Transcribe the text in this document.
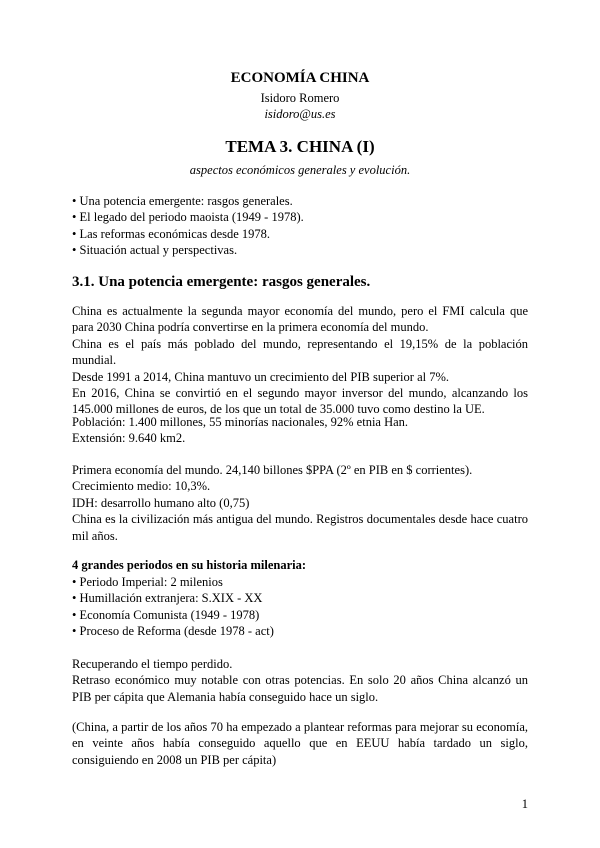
ECONOMÍA CHINA
Isidoro Romero
isidoro@us.es
TEMA 3. CHINA (I)
aspectos económicos generales y evolución.

• Una potencia emergente: rasgos generales.

• El legado del periodo maoista (1949 - 1978).

• Las reformas económicas desde 1978.

• Situación actual y perspectivas.

3.1. Una potencia emergente: rasgos generales.

China es actualmente la segunda mayor economía del mundo, pero el FMI calcula que para 2030 China podría convertirse en la primera economía del mundo.

China es el país más poblado del mundo, representando el 19,15% de la población mundial.

Desde 1991 a 2014, China mantuvo un crecimiento del PIB superior al 7%.

En 2016, China se convirtió en el segundo mayor inversor del mundo, alcanzando los 145.000 millones de euros, de los que un total de 35.000 tuvo como destino la UE.

Población: 1.400 millones, 55 minorías nacionales, 92% etnia Han.

Extensión: 9.640 km2.

Primera economía del mundo. 24,140 billones $PPA (2º en PIB en $ corrientes).

Crecimiento medio: 10,3%.

IDH: desarrollo humano alto (0,75)

China es la civilización más antigua del mundo. Registros documentales desde hace cuatro mil años.

4 grandes periodos en su historia milenaria:

• Periodo Imperial: 2 milenios

• Humillación extranjera: S.XIX - XX

• Economía Comunista (1949 - 1978)

• Proceso de Reforma (desde 1978 - act)

Recuperando el tiempo perdido.

Retraso económico muy notable con otras potencias. En solo 20 años China alcanzó un PIB per cápita que Alemania había conseguido hace un siglo.

(China, a partir de los años 70 ha empezado a plantear reformas para mejorar su economía, en veinte años había conseguido aquello que en EEUU había tardado un siglo, consiguiendo en 2008 un PIB per cápita)
1
